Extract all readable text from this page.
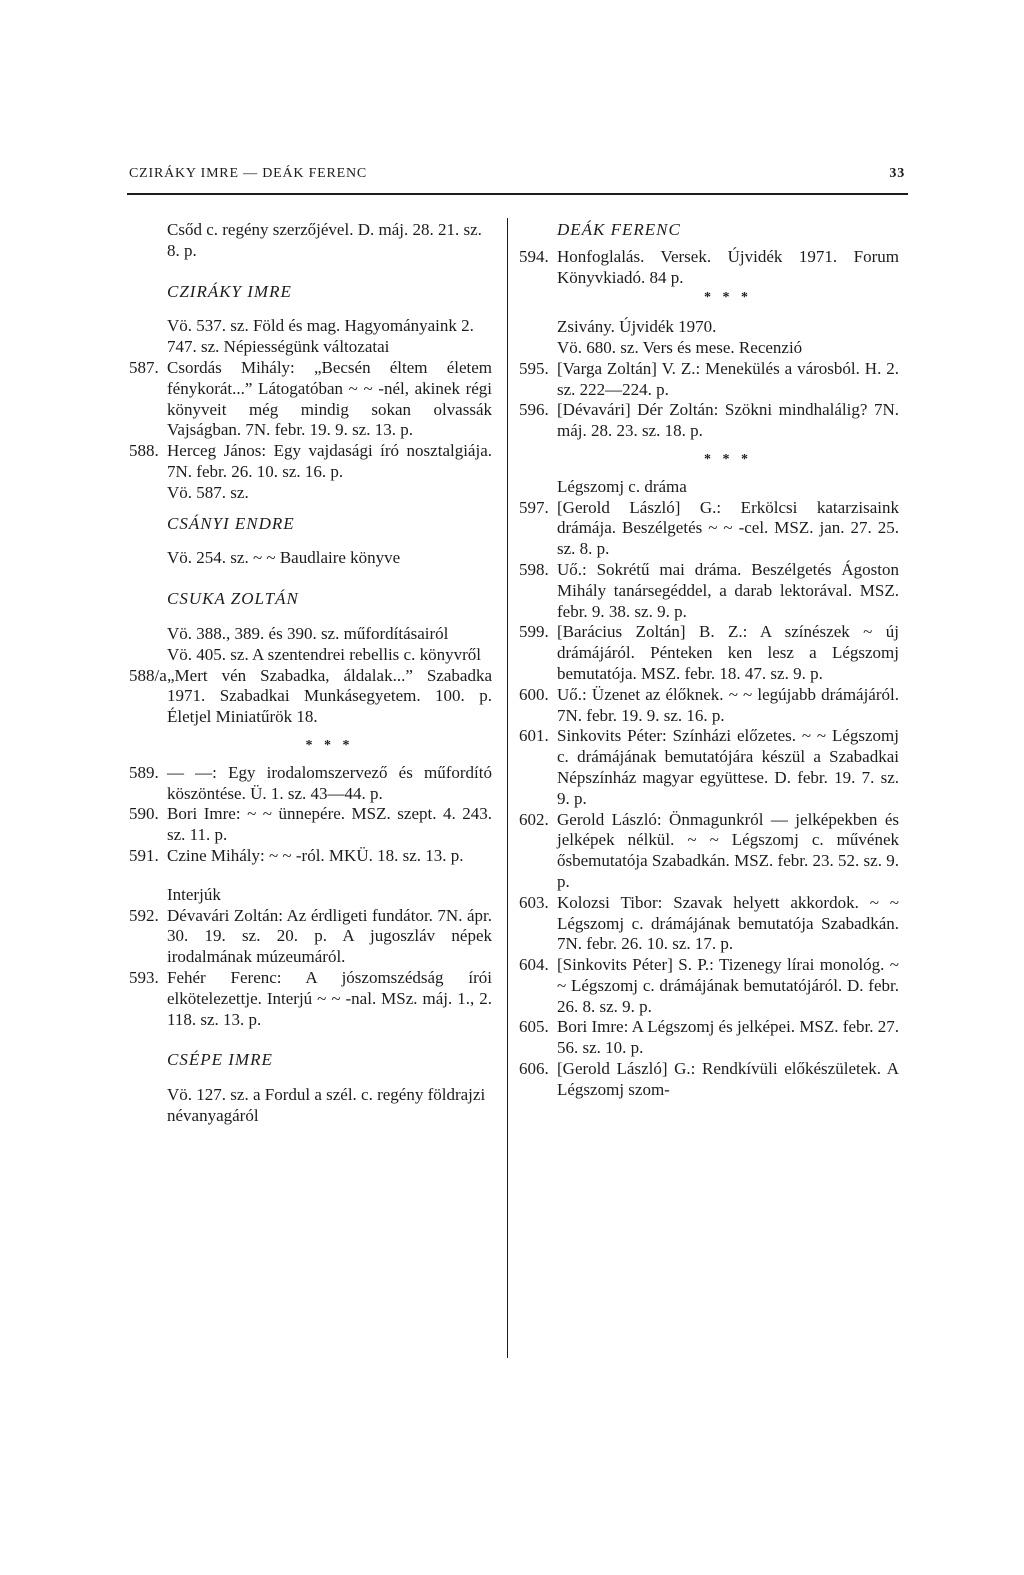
CZIRÁKY IMRE — DEÁK FERENC	33
Csőd c. regény szerzőjével. D. máj. 28. 21. sz. 8. p.
CZIRÁKY IMRE
Vö. 537. sz. Föld és mag. Hagyományaink 2.
747. sz. Népiességünk változatai
587. Csordás Mihály: „Becsén éltem életem fénykorát...” Látogatóban ~ ~ -nél, akinek régi könyveit még mindig sokan olvassák Vajságban. 7N. febr. 19. 9. sz. 13. p.
588. Herceg János: Egy vajdasági író nosztalgiája. 7N. febr. 26. 10. sz. 16. p.
Vö. 587. sz.
CSÁNYI ENDRE
Vö. 254. sz. ~ ~ Baudlaire könyve
CSUKA ZOLTÁN
Vö. 388., 389. és 390. sz. műfordításairól
Vö. 405. sz. A szentendrei rebellis c. könyvről
588/a „Mert vén Szabadka, áldalak...” Szabadka 1971. Szabadkai Munkásegyetem. 100. p. Életjel Miniatűrök 18.
* * *
589. — —: Egy irodalomszervező és műfordító köszöntése. Ü. 1. sz. 43—44. p.
590. Bori Imre: ~ ~ ünnepére. MSZ. szept. 4. 243. sz. 11. p.
591. Czine Mihály: ~ ~ -ról. MKÜ. 18. sz. 13. p.
Interjúk
592. Dévavári Zoltán: Az érdligeti fundátor. 7N. ápr. 30. 19. sz. 20. p. A jugoszláv népek irodalmának múzeumáról.
593. Fehér Ferenc: A jószomszédság írói elkötelezettje. Interjú ~ ~ -nal. MSz. máj. 1., 2. 118. sz. 13. p.
CSÉPE IMRE
Vö. 127. sz. a Fordul a szél. c. regény földrajzi névanyagáról
DEÁK FERENC
594. Honfoglalás. Versek. Újvidék 1971. Forum Könyvkiadó. 84 p.
* * *
Zsivány. Újvidék 1970.
Vö. 680. sz. Vers és mese. Recenzió
595. [Varga Zoltán] V. Z.: Menekülés a városból. H. 2. sz. 222—224. p.
596. [Dévavári] Dér Zoltán: Szökni mindhalálig? 7N. máj. 28. 23. sz. 18. p.
* * *
Légszomj c. dráma
597. [Gerold László] G.: Erkölcsi katarzisaink drámája. Beszélgetés ~ ~ -cel. MSZ. jan. 27. 25. sz. 8. p.
598. Uő.: Sokrétű mai dráma. Beszélgetés Ágoston Mihály tanársegéddel, a darab lektorával. MSZ. febr. 9. 38. sz. 9. p.
599. [Barácius Zoltán] B. Z.: A színészek ~ új drámájáról. Pénteken ken lesz a Légszomj bemutatója. MSZ. febr. 18. 47. sz. 9. p.
600. Uő.: Üzenet az élőknek. ~ ~ legújabb drámájáról. 7N. febr. 19. 9. sz. 16. p.
601. Sinkovits Péter: Színházi előzetes. ~ ~ Légszomj c. drámájának bemutatójára készül a Szabadkai Népszínház magyar együttese. D. febr. 19. 7. sz. 9. p.
602. Gerold László: Önmagunkról — jelképekben és jelképek nélkül. ~ ~ Légszomj c. művének ősbemutatója Szabadkán. MSZ. febr. 23. 52. sz. 9. p.
603. Kolozsi Tibor: Szavak helyett akkordok. ~ ~ Légszomj c. drámájának bemutatója Szabadkán. 7N. febr. 26. 10. sz. 17. p.
604. [Sinkovits Péter] S. P.: Tizenegy lírai monológ. ~ ~ Légszomj c. drámájának bemutatójáról. D. febr. 26. 8. sz. 9. p.
605. Bori Imre: A Légszomj és jelképei. MSZ. febr. 27. 56. sz. 10. p.
606. [Gerold László] G.: Rendkívüli előkészületek. A Légszomj szom-
